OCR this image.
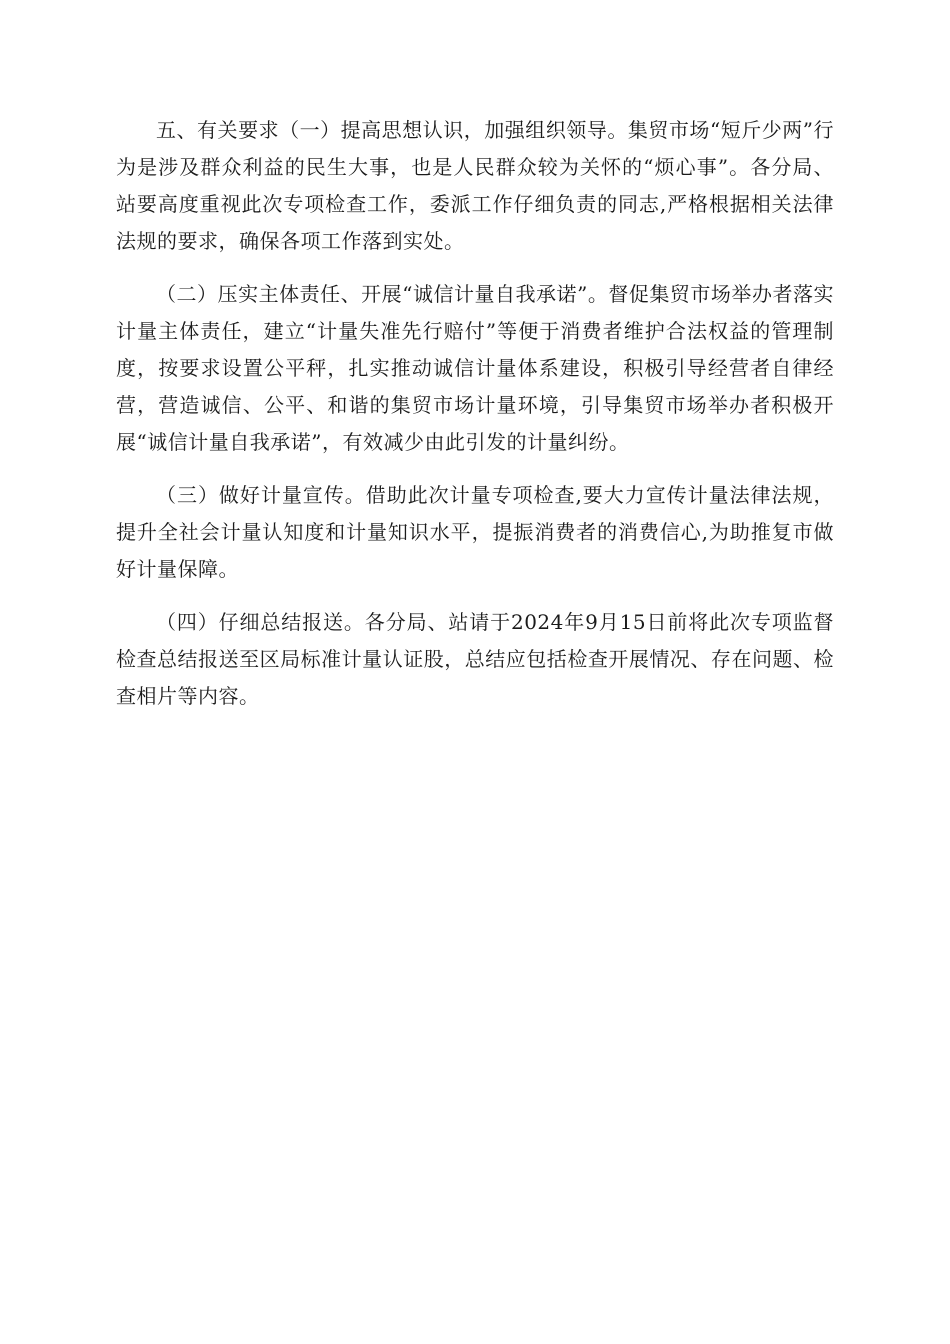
五、有关要求（一）提高思想认识，加强组织领导。集贸市场“短斤少两”行为是涉及群众利益的民生大事，也是人民群众较为关怀的“烦心事”。各分局、站要高度重视此次专项检查工作，委派工作仔细负责的同志,严格根据相关法律法规的要求，确保各项工作落到实处。

（二）压实主体责任、开展“诚信计量自我承诺”。督促集贸市场举办者落实计量主体责任，建立“计量失准先行赔付”等便于消费者维护合法权益的管理制度，按要求设置公平秤，扎实推动诚信计量体系建设，积极引导经营者自律经营，营造诚信、公平、和谐的集贸市场计量环境，引导集贸市场举办者积极开展“诚信计量自我承诺”，有效减少由此引发的计量纠纷。

（三）做好计量宣传。借助此次计量专项检查,要大力宣传计量法律法规，提升全社会计量认知度和计量知识水平，提振消费者的消费信心,为助推复市做好计量保障。

（四）仔细总结报送。各分局、站请于2024年9月15日前将此次专项监督检查总结报送至区局标准计量认证股，总结应包括检查开展情况、存在问题、检查相片等内容。
